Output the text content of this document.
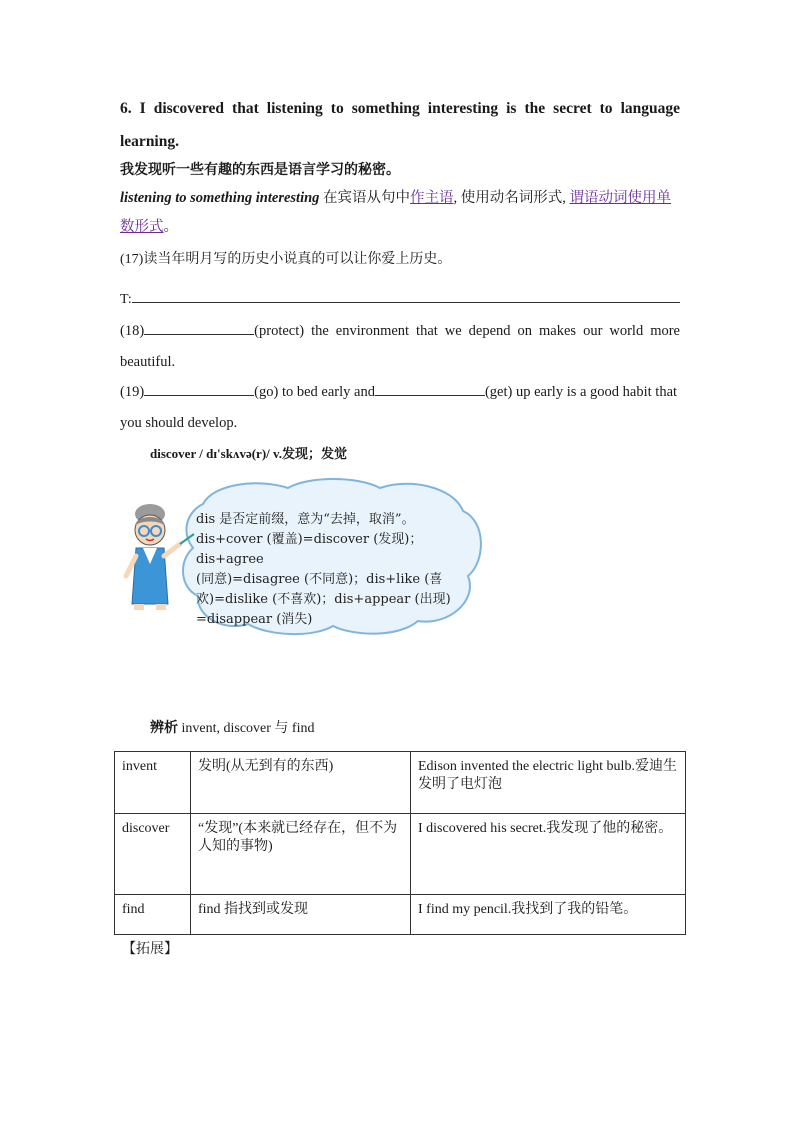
6. I discovered that listening to something interesting is the secret to language learning.
我发现听一些有趣的东西是语言学习的秘密。
listening to something interesting 在宾语从句中作主语, 使用动名词形式, 谓语动词使用单数形式。
(17)读当年明月写的历史小说真的可以让你爱上历史。
T:
(18)	(protect) the environment that we depend on makes our world more beautiful.
(19)	(go) to bed early and	(get) up early is a good habit that you should develop.
discover / dɪ'skʌvə(r)/ v.发现；发觉
dis 是否定前缀，意为“去掉，取消”。
dis+cover (覆盖)=discover (发现)；dis+agree
(同意)=disagree (不同意)；dis+like (喜
欢)=dislike (不喜欢)；dis+appear (出现)
=disappear (消失)
辨析 invent, discover 与 find
invent	发明(从无到有的东西)	Edison invented the electric light bulb.爱迪生发明了电灯泡
discover	“发现”(本来就已经存在，但不为人知的事物)	I discovered his secret.我发现了他的秘密。
find	find 指找到或发现	I find my pencil.我找到了我的铅笔。
【拓展】
